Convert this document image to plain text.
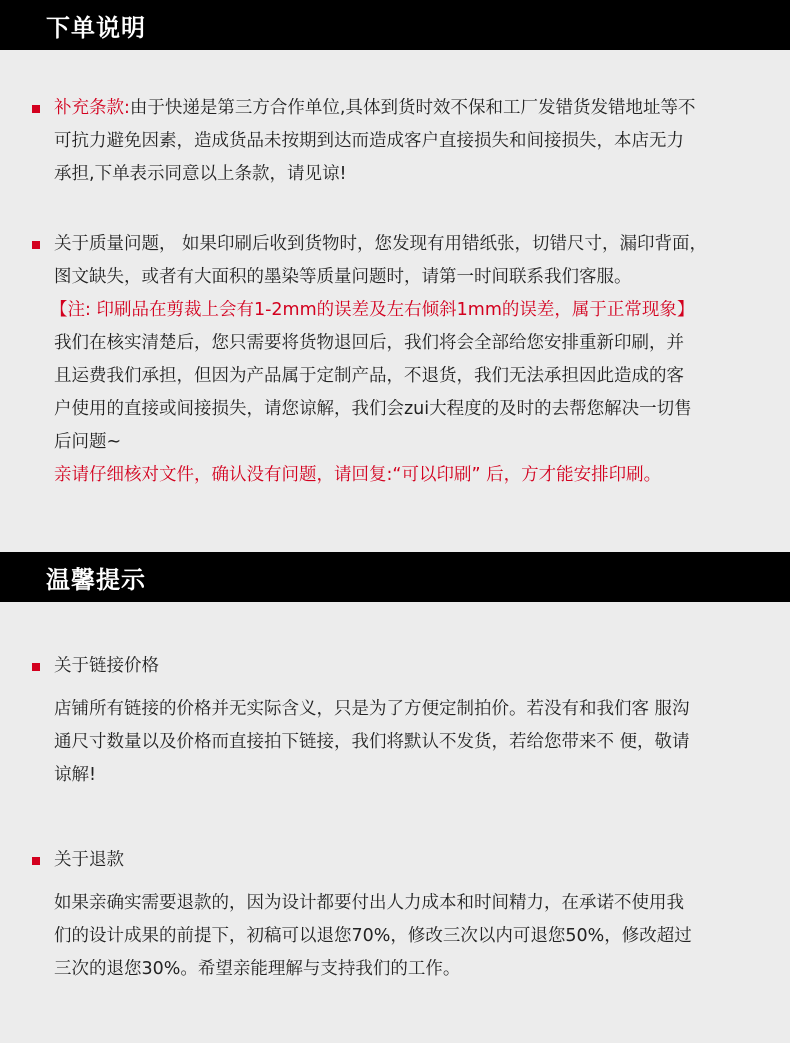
下单说明
补充条款:由于快递是第三方合作单位,具体到货时效不保和工厂发错货发错地址等不
可抗力避免因素，造成货品未按期到达而造成客户直接损失和间接损失，本店无力
承担,下单表示同意以上条款，请见谅!
关于质量问题， 如果印刷后收到货物时，您发现有用错纸张，切错尺寸，漏印背面，
图文缺失，或者有大面积的墨染等质量问题时，请第一时间联系我们客服。
【注: 印刷品在剪裁上会有1-2mm的误差及左右倾斜1mm的误差，属于正常现象】
我们在核实清楚后，您只需要将货物退回后，我们将会全部给您安排重新印刷，并
且运费我们承担，但因为产品属于定制产品，不退货，我们无法承担因此造成的客
户使用的直接或间接损失，请您谅解，我们会zui大程度的及时的去帮您解决一切售
后问题~
亲请仔细核对文件，确认没有问题，请回复:“可以印刷” 后，方才能安排印刷。
温馨提示
关于链接价格
店铺所有链接的价格并无实际含义，只是为了方便定制拍价。若没有和我们客 服沟
通尺寸数量以及价格而直接拍下链接，我们将默认不发货，若给您带来不 便，敬请
谅解!
关于退款
如果亲确实需要退款的，因为设计都要付出人力成本和时间精力，在承诺不使用我
们的设计成果的前提下，初稿可以退您70%，修改三次以内可退您50%，修改超过
三次的退您30%。希望亲能理解与支持我们的工作。
